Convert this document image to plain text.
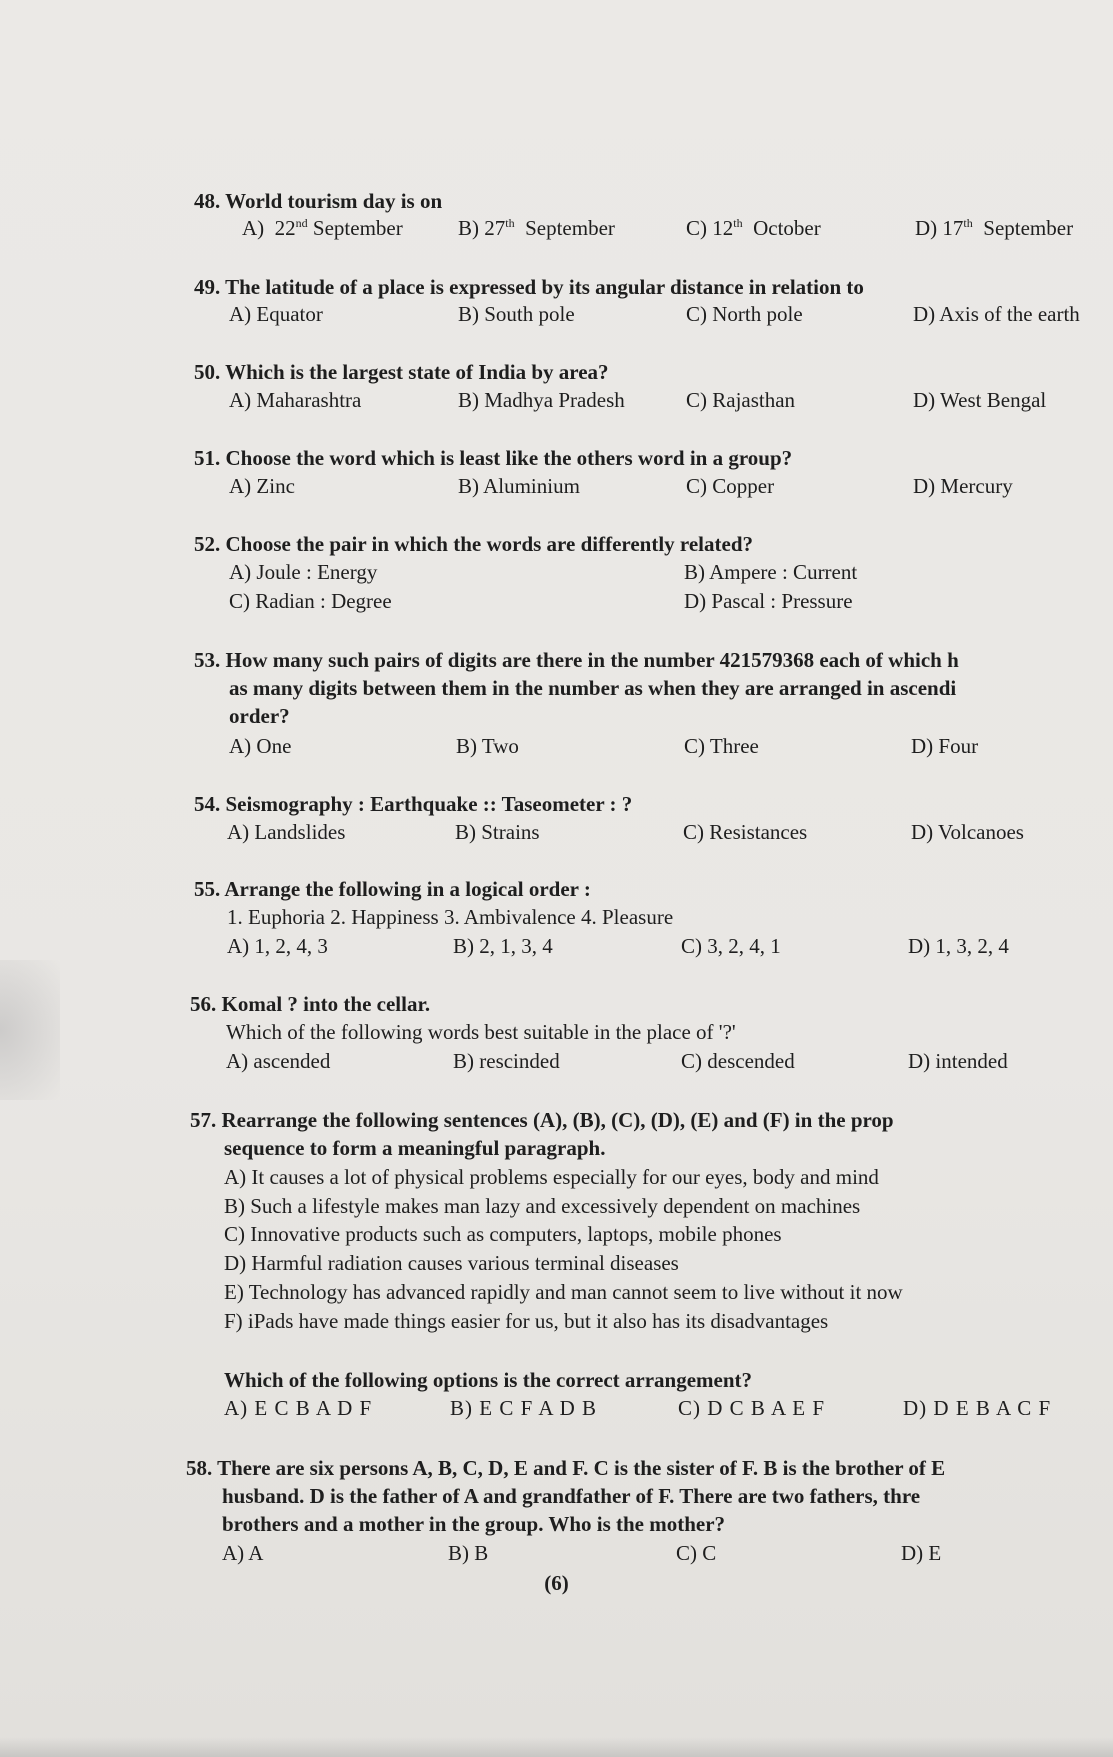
48. World tourism day is on
A)  22nd September	B) 27th  September	C) 12th  October	D) 17th  September
49. The latitude of a place is expressed by its angular distance in relation to
A) Equator	B) South pole	C) North pole	D) Axis of the earth
50. Which is the largest state of India by area?
A) Maharashtra	B) Madhya Pradesh	C) Rajasthan	D) West Bengal
51. Choose the word which is least like the others word in a group?
A) Zinc	B) Aluminium	C) Copper	D) Mercury
52. Choose the pair in which the words are differently related?
A) Joule : Energy	B) Ampere : Current
C) Radian : Degree	D) Pascal : Pressure
53. How many such pairs of digits are there in the number 421579368 each of which h
as many digits between them in the number as when they are arranged in ascendi
order?
A) One	B) Two	C) Three	D) Four
54. Seismography : Earthquake :: Taseometer : ?
A) Landslides	B) Strains	C) Resistances	D) Volcanoes
55. Arrange the following in a logical order :
1. Euphoria 2. Happiness 3. Ambivalence 4. Pleasure
A) 1, 2, 4, 3	B) 2, 1, 3, 4	C) 3, 2, 4, 1	D) 1, 3, 2, 4
56. Komal ? into the cellar.
Which of the following words best suitable in the place of '?'
A) ascended	B) rescinded	C) descended	D) intended
57. Rearrange the following sentences (A), (B), (C), (D), (E) and (F) in the prop
sequence to form a meaningful paragraph.
A) It causes a lot of physical problems especially for our eyes, body and mind
B) Such a lifestyle makes man lazy and excessively dependent on machines
C) Innovative products such as computers, laptops, mobile phones
D) Harmful radiation causes various terminal diseases
E) Technology has advanced rapidly and man cannot seem to live without it now
F) iPads have made things easier for us, but it also has its disadvantages
Which of the following options is the correct arrangement?
A) E C B A D F	B) E C F A D B	C) D C B A E F	D) D E B A C F
58. There are six persons A, B, C, D, E and F. C is the sister of F. B is the brother of E
husband. D is the father of A and grandfather of F. There are two fathers, thre
brothers and a mother in the group. Who is the mother?
A) A	B) B	C) C	D) E
(6)
